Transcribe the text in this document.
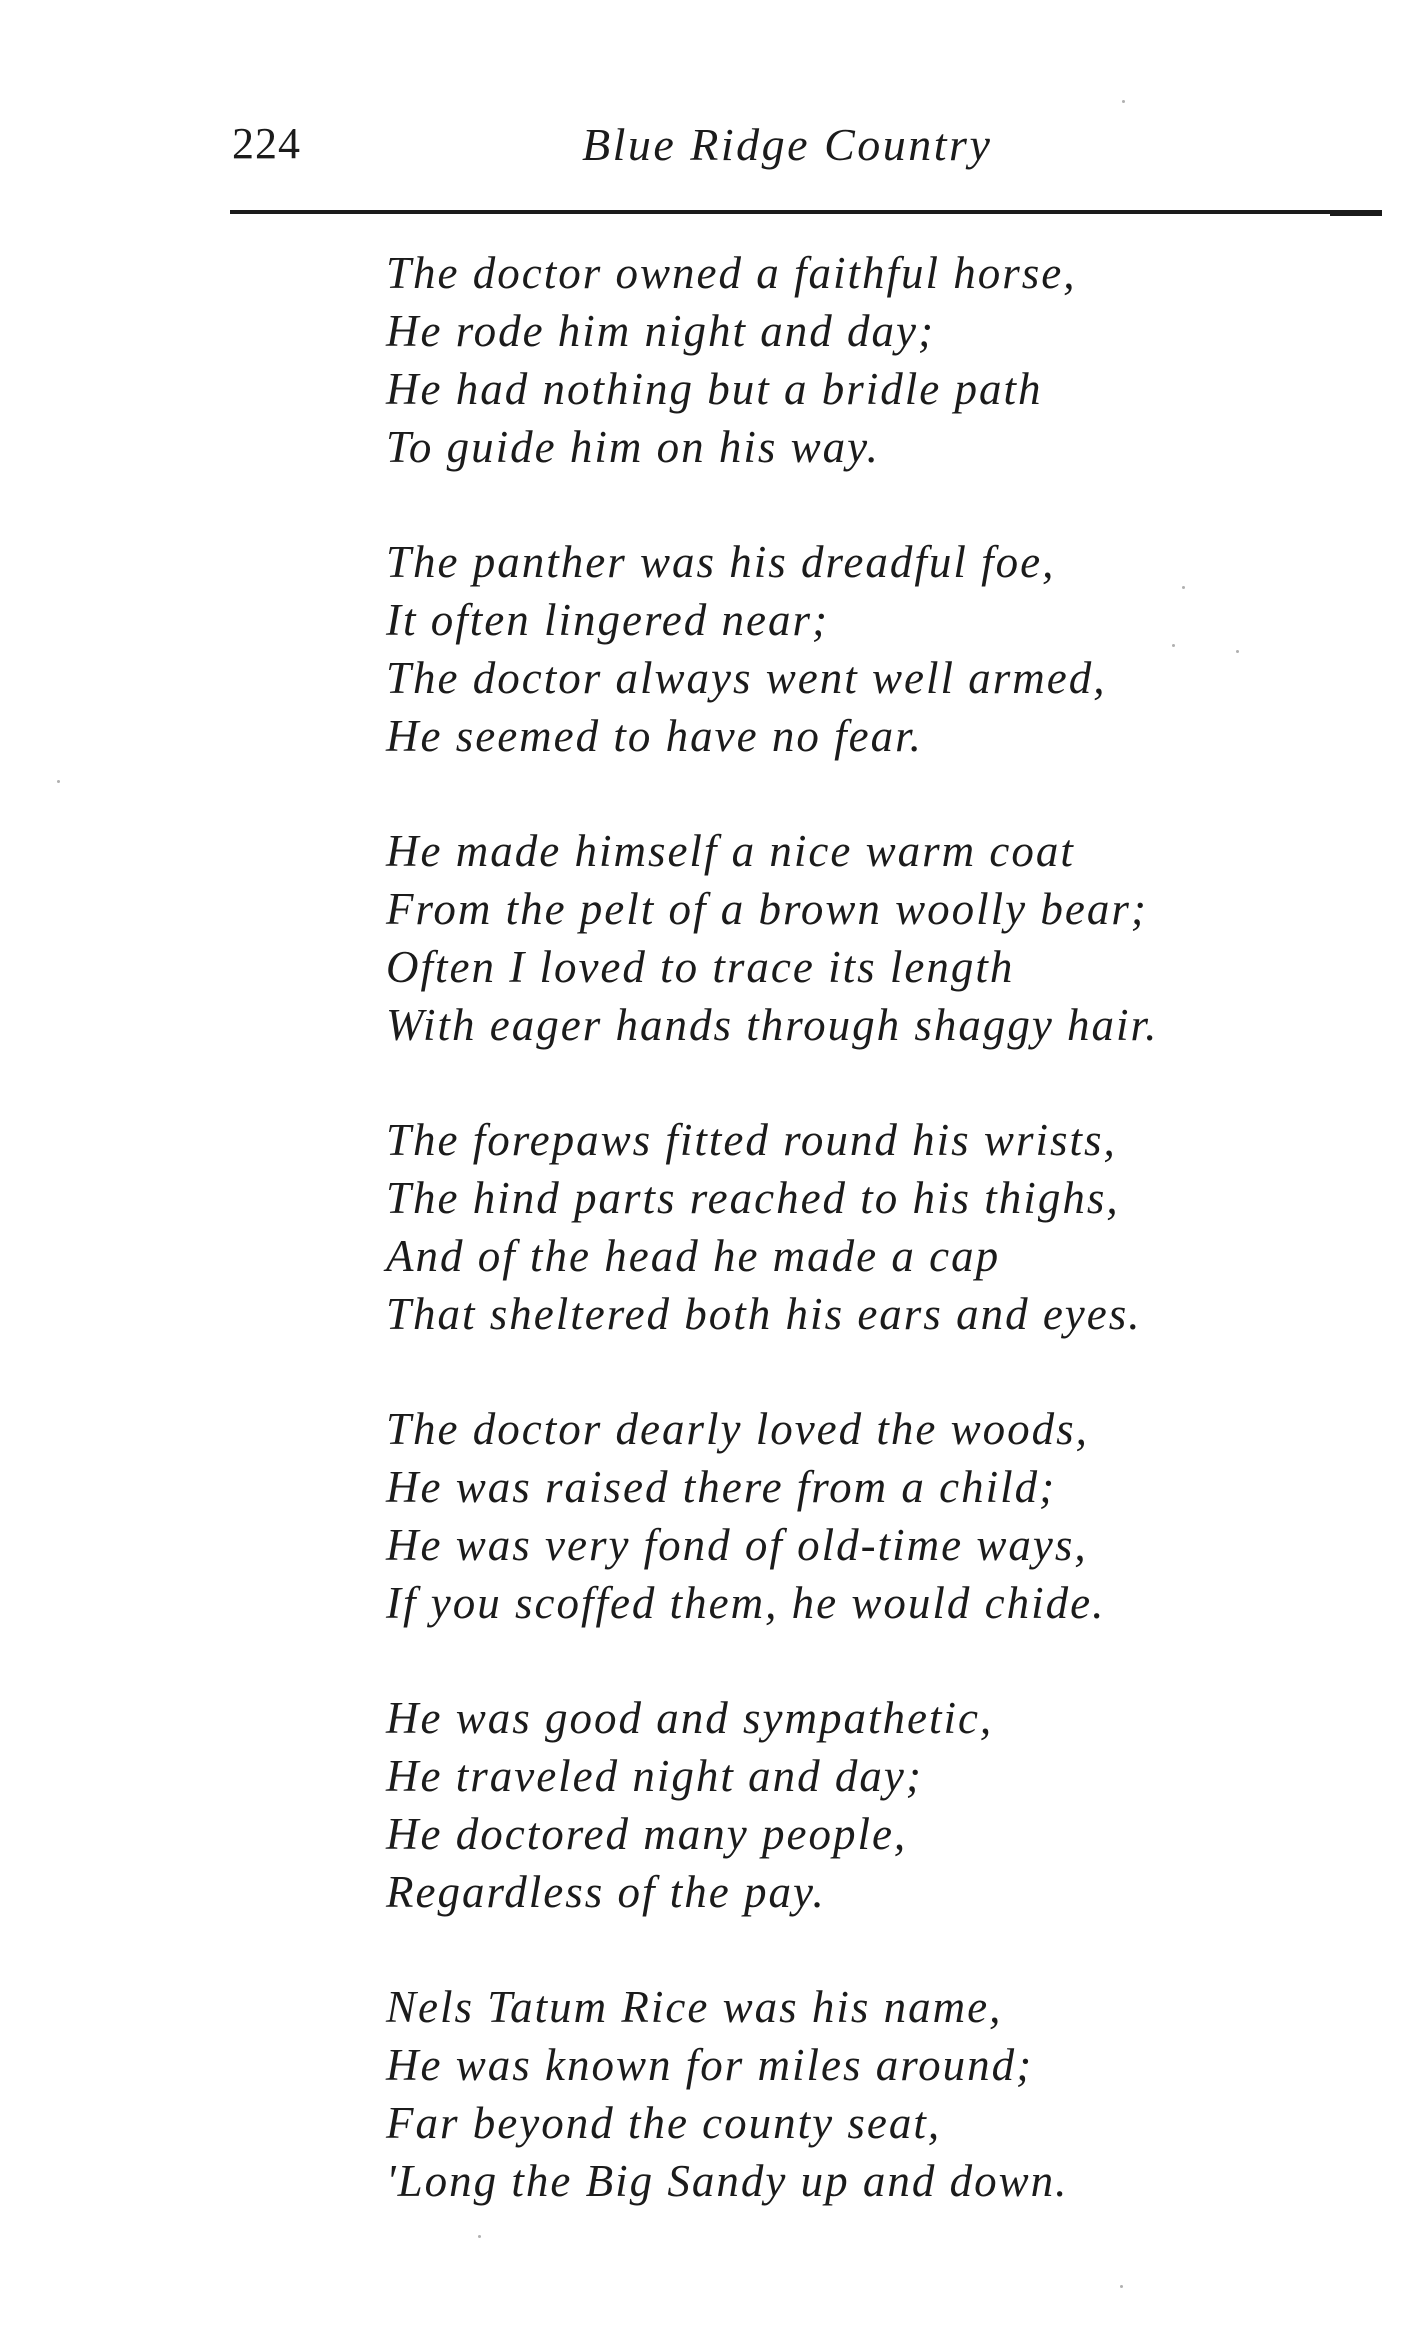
224	Blue Ridge Country
The doctor owned a faithful horse,
He rode him night and day;
He had nothing but a bridle path
To guide him on his way.
The panther was his dreadful foe,
It often lingered near;
The doctor always went well armed,
He seemed to have no fear.
He made himself a nice warm coat
From the pelt of a brown woolly bear;
Often I loved to trace its length
With eager hands through shaggy hair.
The forepaws fitted round his wrists,
The hind parts reached to his thighs,
And of the head he made a cap
That sheltered both his ears and eyes.
The doctor dearly loved the woods,
He was raised there from a child;
He was very fond of old-time ways,
If you scoffed them, he would chide.
He was good and sympathetic,
He traveled night and day;
He doctored many people,
Regardless of the pay.
Nels Tatum Rice was his name,
He was known for miles around;
Far beyond the county seat,
'Long the Big Sandy up and down.
